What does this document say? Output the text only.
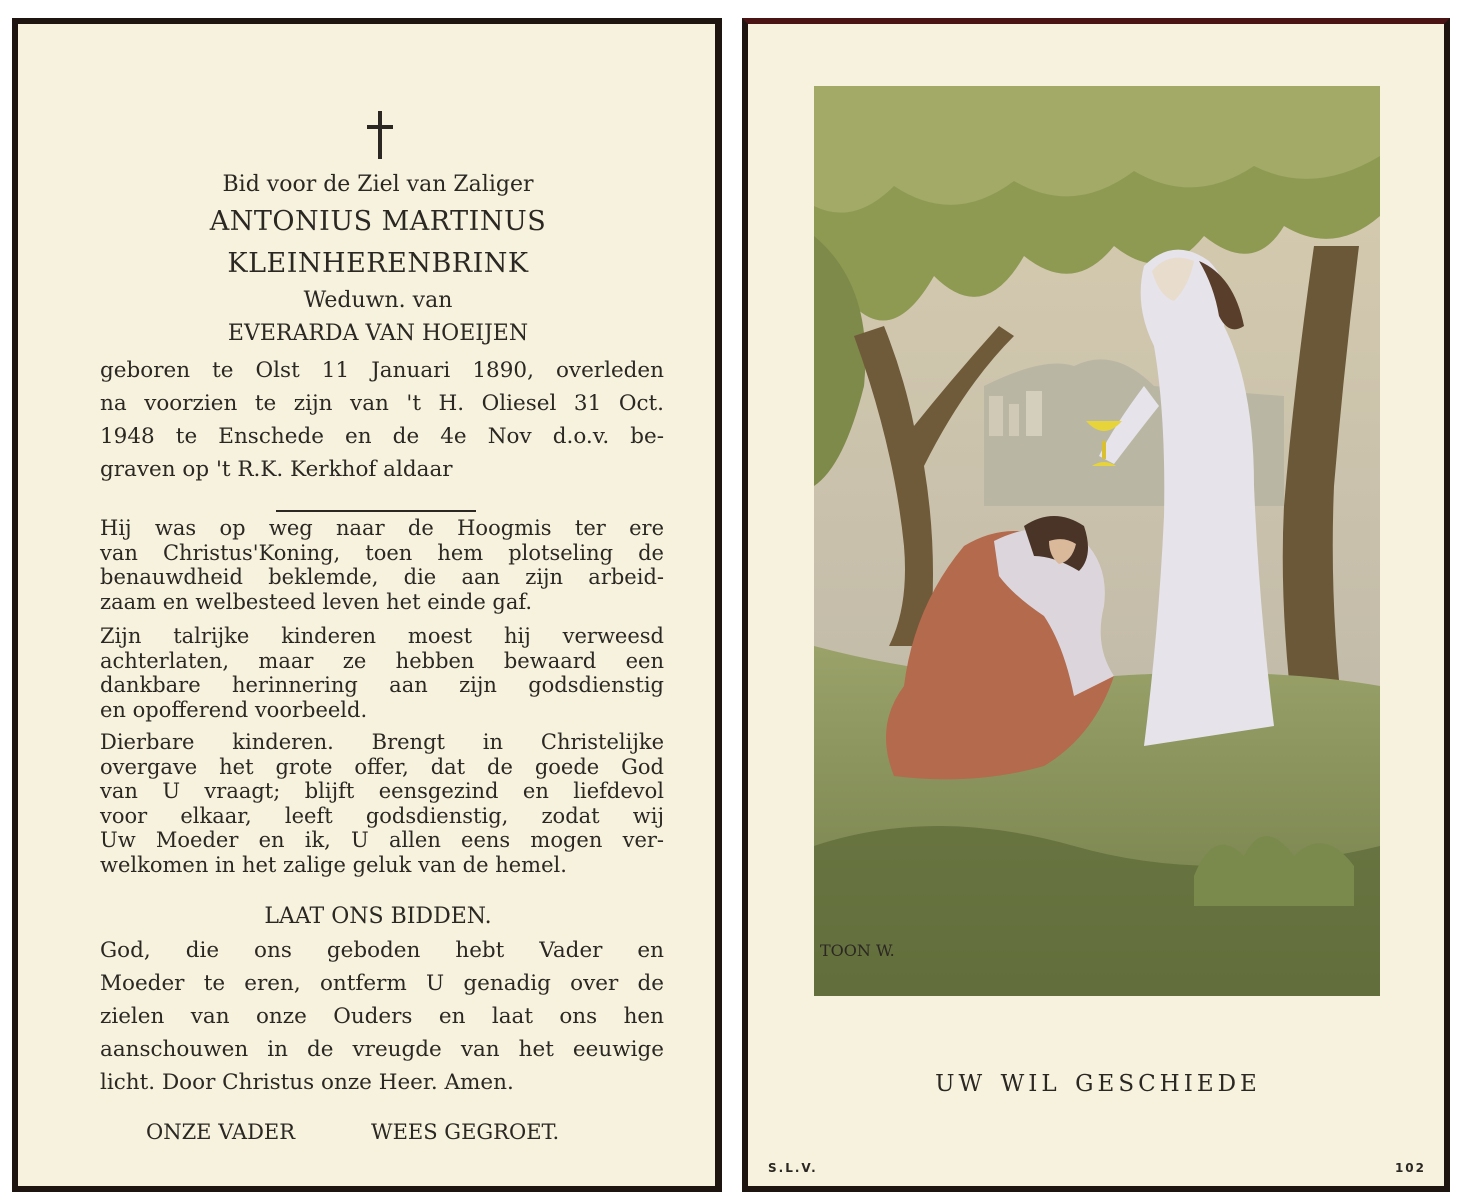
Bid voor de Ziel van Zaliger
ANTONIUS MARTINUS
KLEINHERENBRINK
Weduwn. van
EVERARDA VAN HOEIJEN
geboren te Olst 11 Januari 1890, overleden
na voorzien te zijn van 't H. Oliesel 31 Oct.
1948 te Enschede en de 4e Nov d.o.v. be-
graven op 't R.K. Kerkhof aldaar
Hij was op weg naar de Hoogmis ter ere
van Christus'Koning, toen hem plotseling de
benauwdheid beklemde, die aan zijn arbeid-
zaam en welbesteed leven het einde gaf.
Zijn talrijke kinderen moest hij verweesd
achterlaten, maar ze hebben bewaard een
dankbare herinnering aan zijn godsdienstig
en opofferend voorbeeld.
Dierbare kinderen. Brengt in Christelijke
overgave het grote offer, dat de goede God
van U vraagt; blijft eensgezind en liefdevol
voor elkaar, leeft godsdienstig, zodat wij
Uw Moeder en ik, U allen eens mogen ver-
welkomen in het zalige geluk van de hemel.
LAAT ONS BIDDEN.
God, die ons geboden hebt Vader en
Moeder te eren, ontferm U genadig over de
zielen van onze Ouders en laat ons hen
aanschouwen in de vreugde van het eeuwige
licht. Door Christus onze Heer. Amen.
ONZE VADER	WEES GEGROET.
TOON W.
uw wil geschiede
S.L.V.	102
